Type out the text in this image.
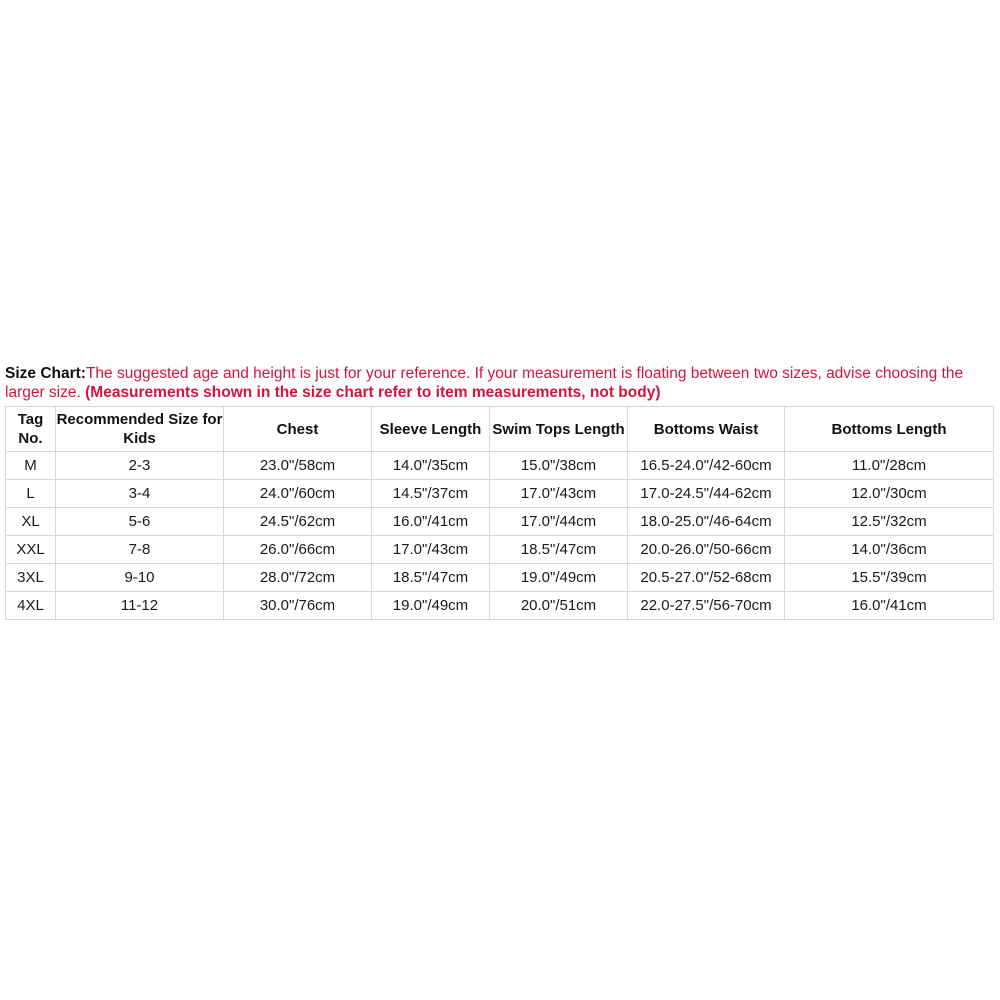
Size Chart:The suggested age and height is just for your reference. If your measurement is floating between two sizes, advise choosing the larger size. (Measurements shown in the size chart refer to item measurements, not body)

Tag No.	Recommended Size for Kids	Chest	Sleeve Length	Swim Tops Length	Bottoms Waist	Bottoms Length
M	2-3	23.0"/58cm	14.0"/35cm	15.0"/38cm	16.5-24.0"/42-60cm	11.0"/28cm
L	3-4	24.0"/60cm	14.5"/37cm	17.0"/43cm	17.0-24.5"/44-62cm	12.0"/30cm
XL	5-6	24.5"/62cm	16.0"/41cm	17.0"/44cm	18.0-25.0"/46-64cm	12.5"/32cm
XXL	7-8	26.0"/66cm	17.0"/43cm	18.5"/47cm	20.0-26.0"/50-66cm	14.0"/36cm
3XL	9-10	28.0"/72cm	18.5"/47cm	19.0"/49cm	20.5-27.0"/52-68cm	15.5"/39cm
4XL	11-12	30.0"/76cm	19.0"/49cm	20.0"/51cm	22.0-27.5"/56-70cm	16.0"/41cm
